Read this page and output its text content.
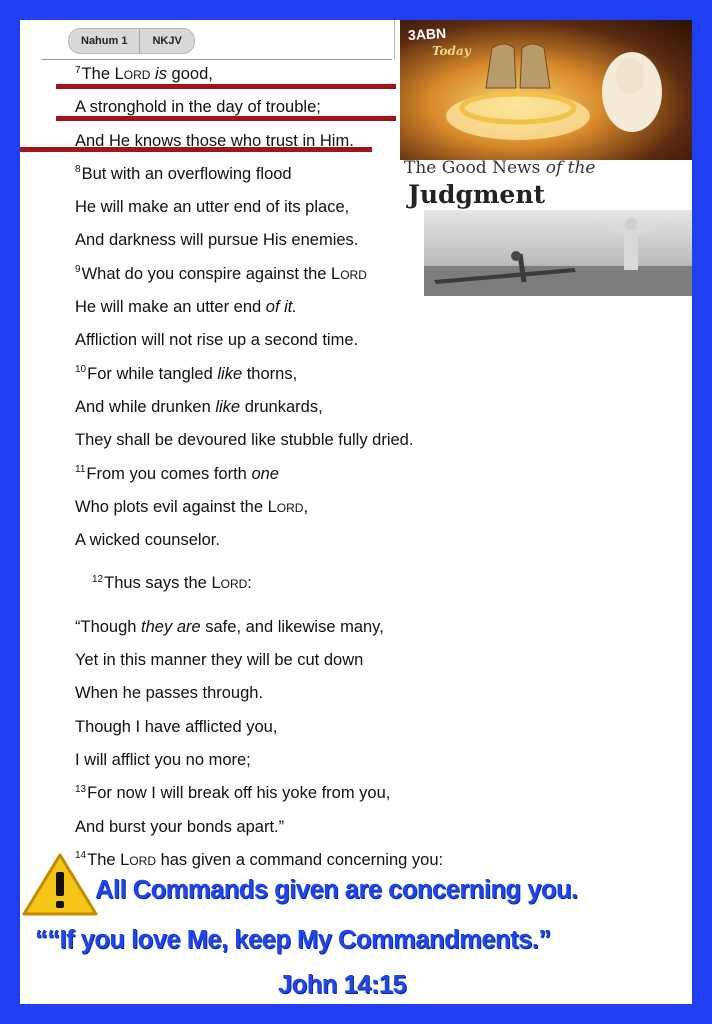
Nahum 1	NKJV
$^7$The Lord is good,
A stronghold in the day of trouble;
And He knows those who trust in Him.
$^8$But with an overflowing flood
He will make an utter end of its place,
And darkness will pursue His enemies.
$^9$What do you conspire against the Lord
He will make an utter end of it.
Affliction will not rise up a second time.
$^{10}$For while tangled like thorns,
And while drunken like drunkards,
They shall be devoured like stubble fully dried.
$^{11}$From you comes forth one
Who plots evil against the Lord,
A wicked counselor.
$^{12}$Thus says the Lord:
“Though they are safe, and likewise many,
Yet in this manner they will be cut down
When he passes through.
Though I have afflicted you,
I will afflict you no more;
$^{13}$For now I will break off his yoke from you,
And burst your bonds apart.”
$^{14}$The Lord has given a command concerning you:
3ABN
Today
The Good News of the
Judgment
All Commands given are concerning you.
““If you love Me, keep My Commandments.”
John 14:15
